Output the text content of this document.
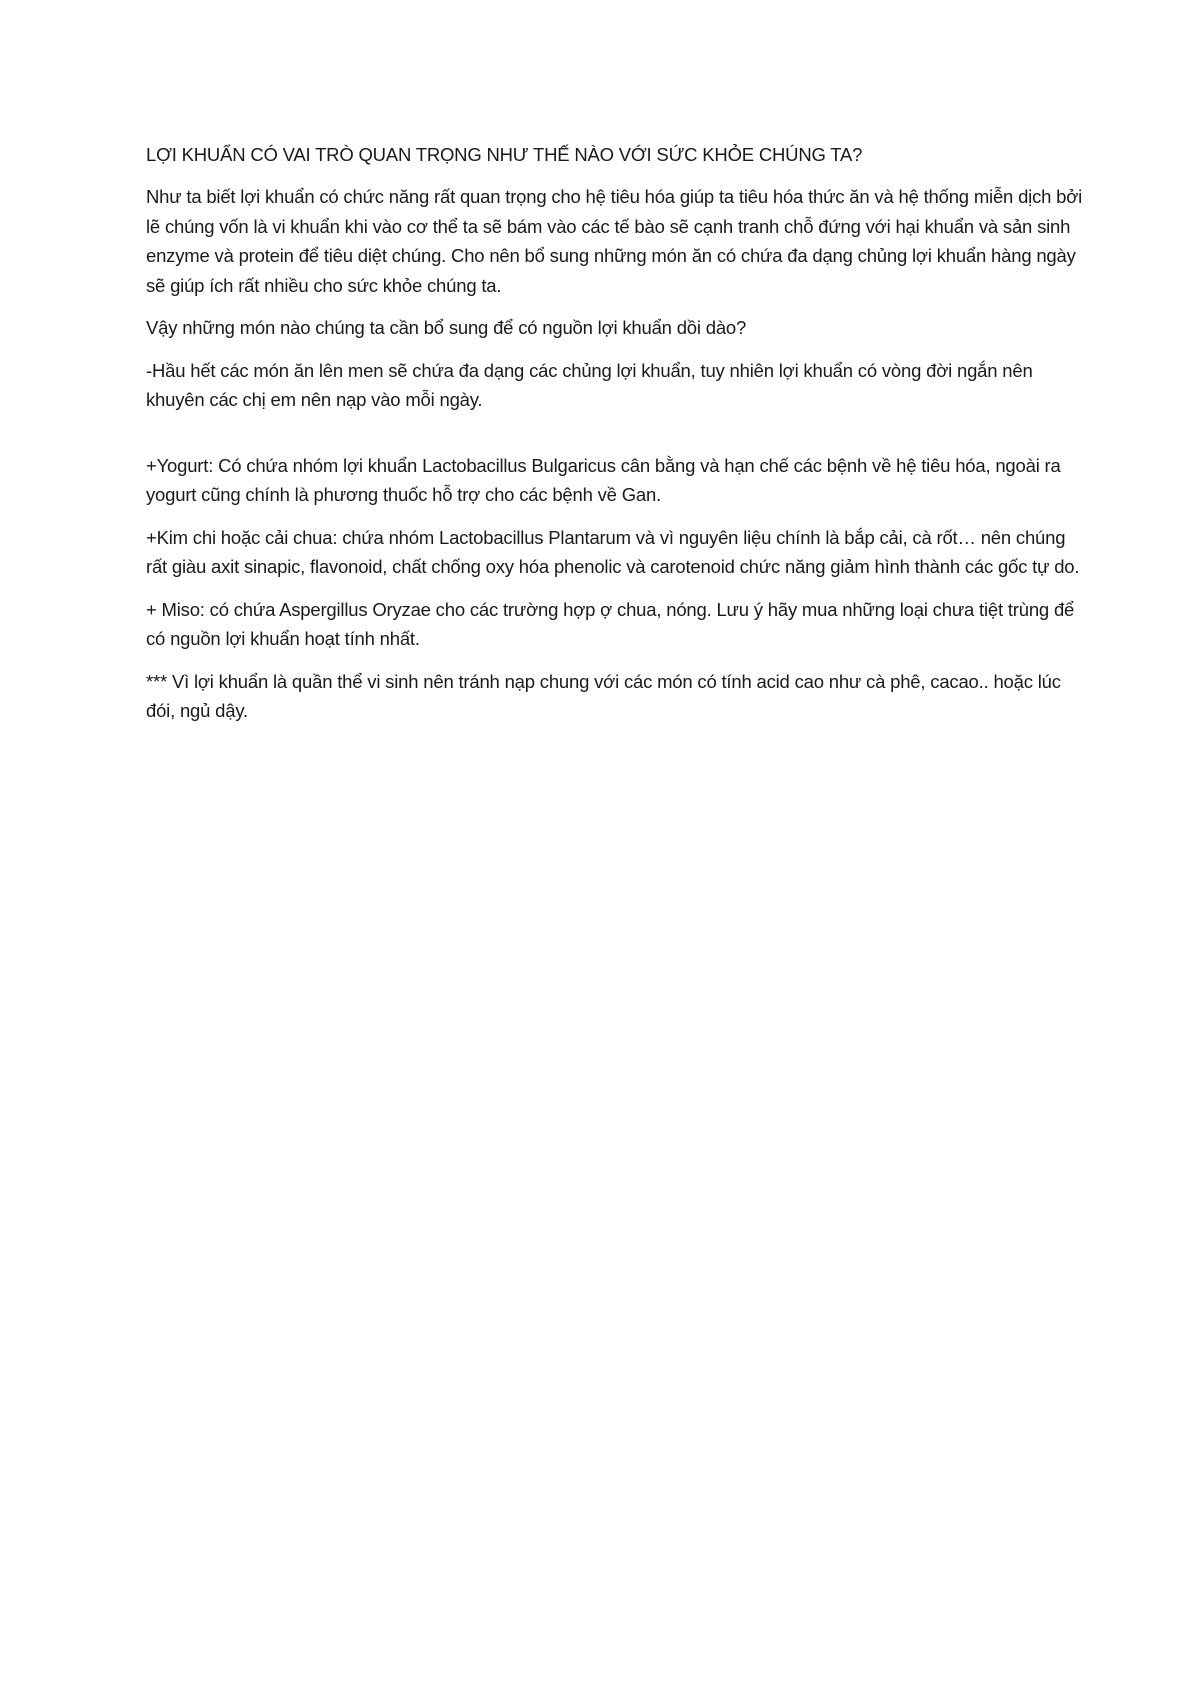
LỢI KHUẨN CÓ VAI TRÒ QUAN TRỌNG NHƯ THẾ NÀO VỚI SỨC KHỎE CHÚNG TA?

Như ta biết lợi khuẩn có chức năng rất quan trọng cho hệ tiêu hóa giúp ta tiêu hóa thức ăn và hệ thống miễn dịch bởi lẽ chúng vốn là vi khuẩn khi vào cơ thể ta sẽ bám vào các tế bào sẽ cạnh tranh chỗ đứng với hại khuẩn và sản sinh enzyme và protein để tiêu diệt chúng. Cho nên bổ sung những món ăn có chứa đa dạng chủng lợi khuẩn hàng ngày sẽ giúp ích rất nhiều cho sức khỏe chúng ta.

Vậy những món nào chúng ta cần bổ sung để có nguồn lợi khuẩn dồi dào?

-Hầu hết các món ăn lên men sẽ chứa đa dạng các chủng lợi khuẩn, tuy nhiên lợi khuẩn có vòng đời ngắn nên khuyên các chị em nên nạp vào mỗi ngày.

+Yogurt: Có chứa nhóm lợi khuẩn Lactobacillus Bulgaricus cân bằng và hạn chế các bệnh về hệ tiêu hóa, ngoài ra yogurt cũng chính là phương thuốc hỗ trợ cho các bệnh về Gan.

+Kim chi hoặc cải chua: chứa nhóm Lactobacillus Plantarum và vì nguyên liệu chính là bắp cải, cà rốt… nên chúng rất giàu axit sinapic, flavonoid, chất chống oxy hóa phenolic và carotenoid chức năng giảm hình thành các gốc tự do.

+ Miso: có chứa Aspergillus Oryzae cho các trường hợp ợ chua, nóng. Lưu ý hãy mua những loại chưa tiệt trùng để có nguồn lợi khuẩn hoạt tính nhất.

*** Vì lợi khuẩn là quần thể vi sinh nên tránh nạp chung với các món có tính acid cao như cà phê, cacao.. hoặc lúc đói, ngủ dậy.
